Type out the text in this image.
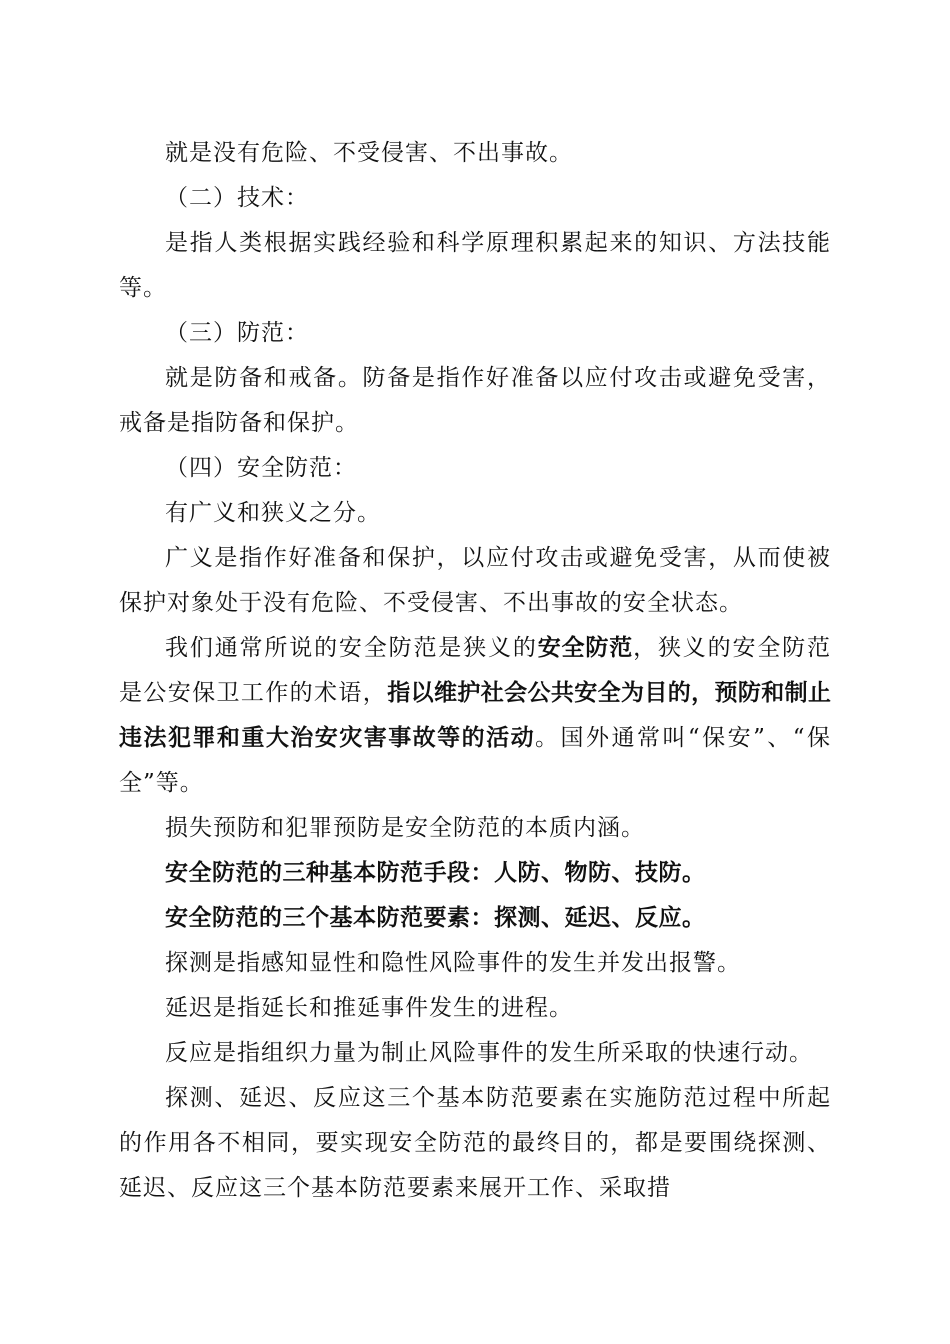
就是没有危险、不受侵害、不出事故。

（二）技术：

是指人类根据实践经验和科学原理积累起来的知识、方法技能等。

（三）防范：

就是防备和戒备。防备是指作好准备以应付攻击或避免受害，戒备是指防备和保护。

（四）安全防范：

有广义和狭义之分。

广义是指作好准备和保护，以应付攻击或避免受害，从而使被保护对象处于没有危险、不受侵害、不出事故的安全状态。

我们通常所说的安全防范是狭义的安全防范，狭义的安全防范是公安保卫工作的术语，指以维护社会公共安全为目的，预防和制止违法犯罪和重大治安灾害事故等的活动。国外通常叫“保安”、“保全”等。

损失预防和犯罪预防是安全防范的本质内涵。

安全防范的三种基本防范手段：人防、物防、技防。

安全防范的三个基本防范要素：探测、延迟、反应。

探测是指感知显性和隐性风险事件的发生并发出报警。

延迟是指延长和推延事件发生的进程。

反应是指组织力量为制止风险事件的发生所采取的快速行动。

探测、延迟、反应这三个基本防范要素在实施防范过程中所起的作用各不相同，要实现安全防范的最终目的，都是要围绕探测、延迟、反应这三个基本防范要素来展开工作、采取措
